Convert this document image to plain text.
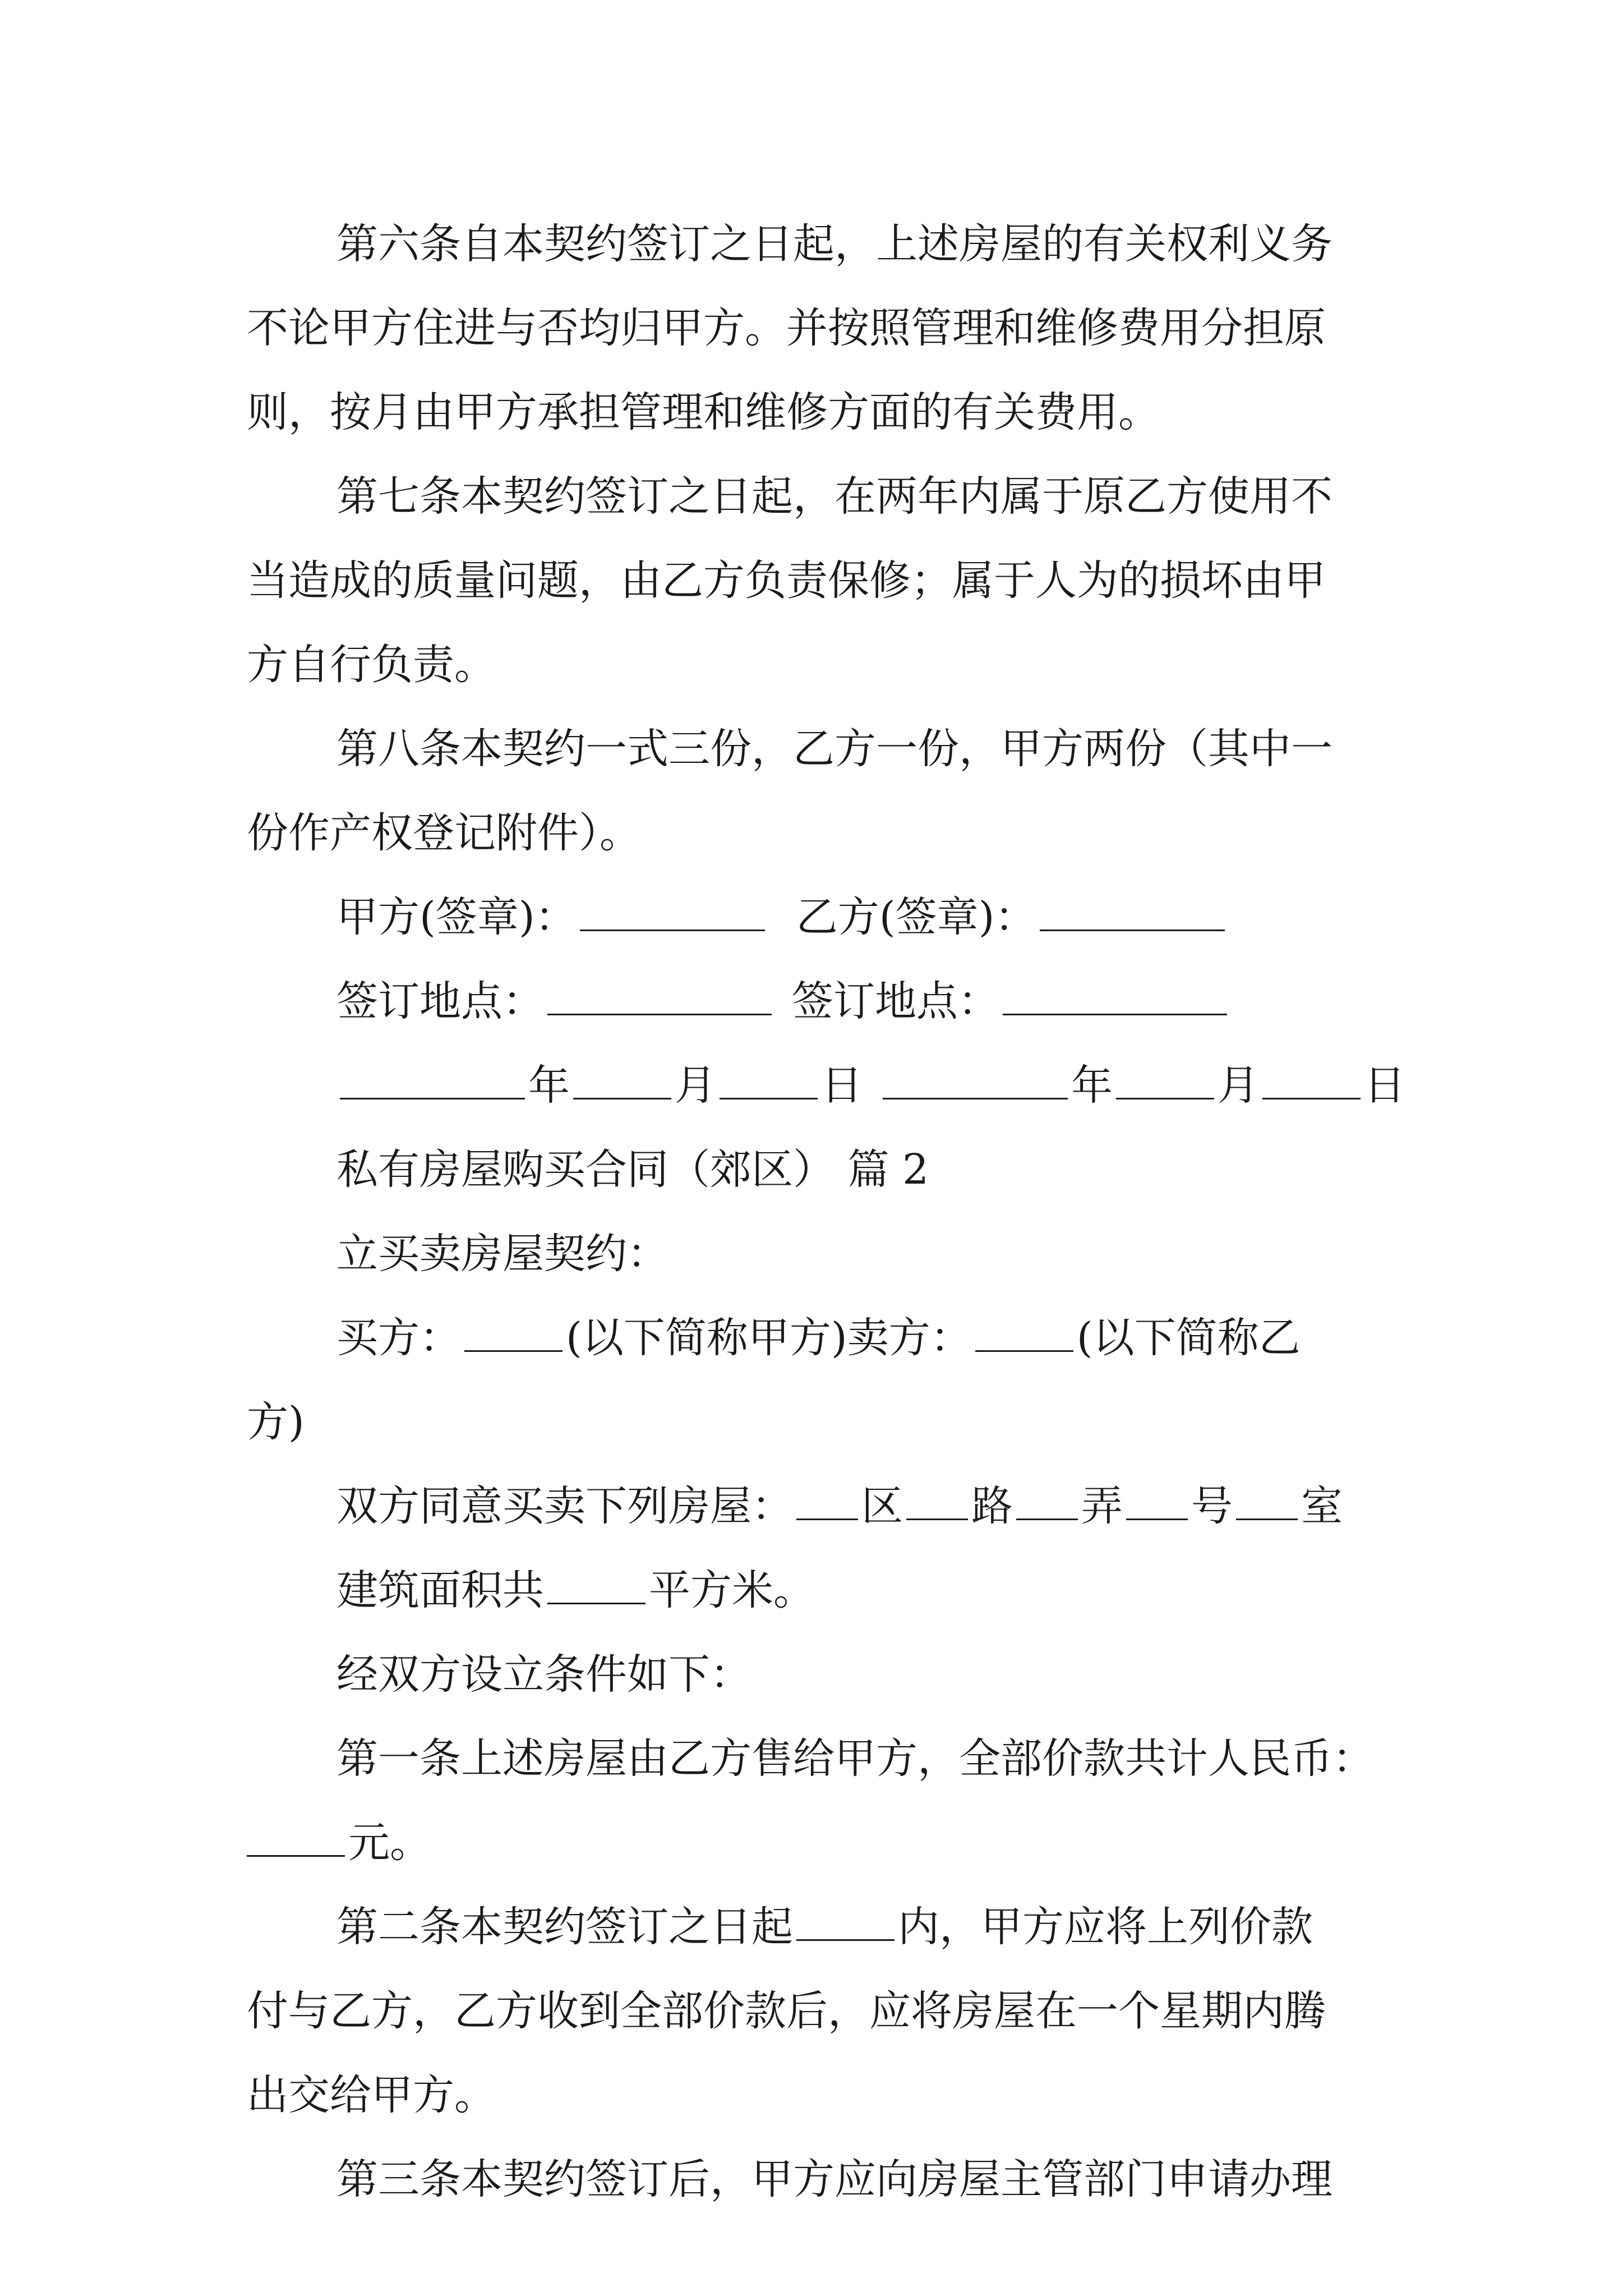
第六条自本契约签订之日起，上述房屋的有关权利义务
不论甲方住进与否均归甲方。并按照管理和维修费用分担原
则，按月由甲方承担管理和维修方面的有关费用。
第七条本契约签订之日起，在两年内属于原乙方使用不
当造成的质量问题，由乙方负责保修；属于人为的损坏由甲
方自行负责。
第八条本契约一式三份，乙方一份，甲方两份（其中一
份作产权登记附件）。
甲方(签章)：	乙方(签章)：
签订地点：	签订地点：
年	月	日	年	月	日
私有房屋购买合同（郊区） 篇 2
立买卖房屋契约：
买方：	(以下简称甲方)卖方：	(以下简称乙
方)
双方同意买卖下列房屋： 区 路 弄 号 室
建筑面积共	平方米。
经双方设立条件如下：
第一条上述房屋由乙方售给甲方，全部价款共计人民币：
元。
第二条本契约签订之日起	内，甲方应将上列价款
付与乙方，乙方收到全部价款后，应将房屋在一个星期内腾
出交给甲方。
第三条本契约签订后，甲方应向房屋主管部门申请办理
